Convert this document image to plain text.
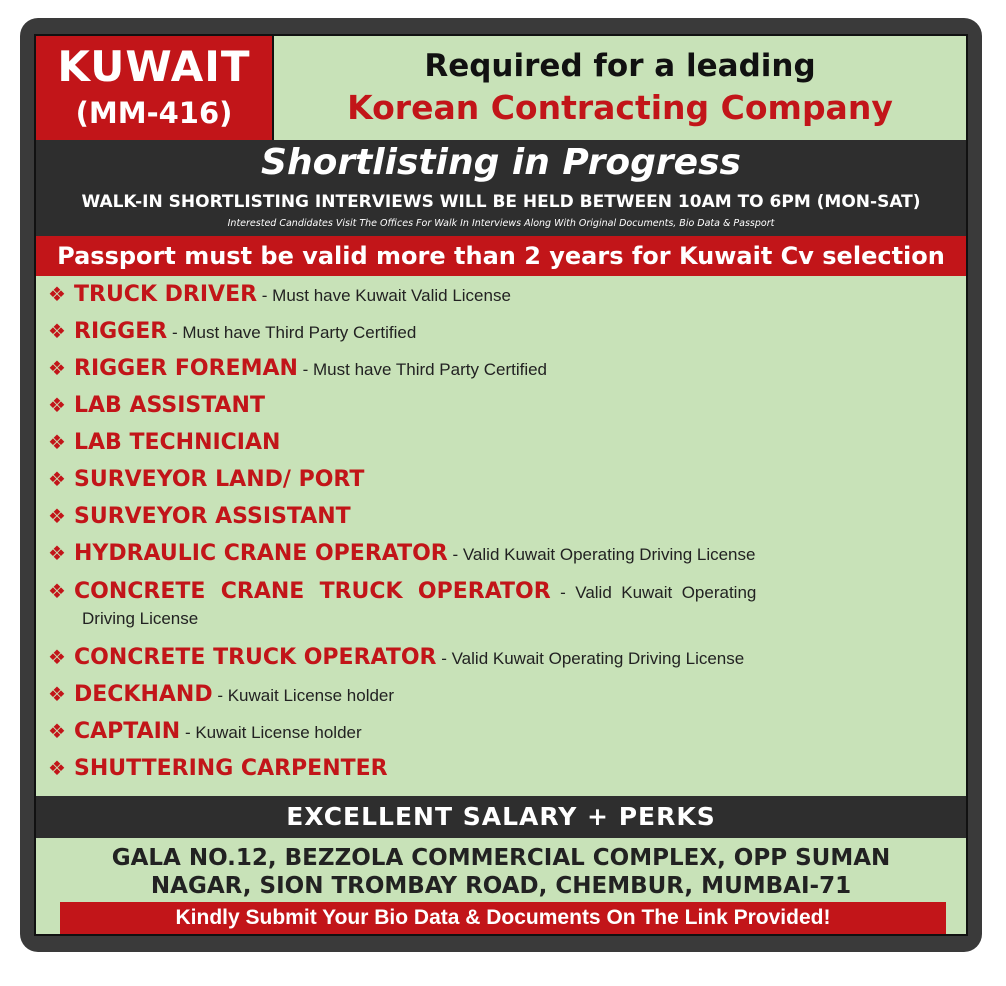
KUWAIT
(MM-416)
Required for a leading
Korean Contracting Company
Shortlisting in Progress
WALK-IN SHORTLISTING INTERVIEWS WILL BE HELD BETWEEN 10AM TO 6PM (MON-SAT)
Interested Candidates Visit The Offices For Walk In Interviews Along With Original Documents, Bio Data & Passport
Passport must be valid more than 2 years for Kuwait Cv selection
❖ TRUCK DRIVER - Must have Kuwait Valid License
❖ RIGGER - Must have Third Party Certified
❖ RIGGER FOREMAN - Must have Third Party Certified
❖ LAB ASSISTANT
❖ LAB TECHNICIAN
❖ SURVEYOR LAND/ PORT
❖ SURVEYOR ASSISTANT
❖ HYDRAULIC CRANE OPERATOR - Valid Kuwait Operating Driving License
❖ CONCRETE  CRANE  TRUCK  OPERATOR  -  Valid  Kuwait  Operating
Driving License
❖ CONCRETE TRUCK OPERATOR - Valid Kuwait Operating Driving License
❖ DECKHAND - Kuwait License holder
❖ CAPTAIN - Kuwait License holder
❖ SHUTTERING CARPENTER
EXCELLENT SALARY + PERKS
GALA NO.12, BEZZOLA COMMERCIAL COMPLEX, OPP SUMAN
NAGAR, SION TROMBAY ROAD, CHEMBUR, MUMBAI-71
Kindly Submit Your Bio Data & Documents On The Link Provided!
